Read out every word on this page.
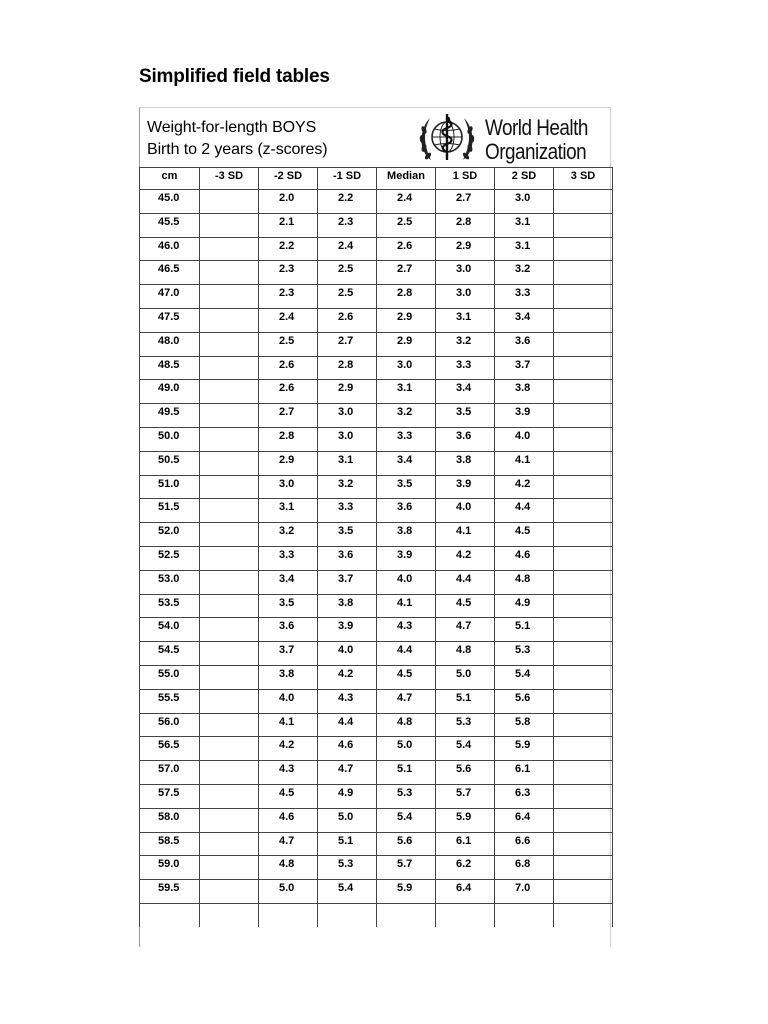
Simplified field tables
Weight-for-length BOYS
Birth to 2 years (z-scores)
World Health
Organization
cm	-3 SD	-2 SD	-1 SD	Median	1 SD	2 SD	3 SD
45.0		2.0	2.2	2.4	2.7	3.0	
45.5		2.1	2.3	2.5	2.8	3.1	
46.0		2.2	2.4	2.6	2.9	3.1	
46.5		2.3	2.5	2.7	3.0	3.2	
47.0		2.3	2.5	2.8	3.0	3.3	
47.5		2.4	2.6	2.9	3.1	3.4	
48.0		2.5	2.7	2.9	3.2	3.6	
48.5		2.6	2.8	3.0	3.3	3.7	
49.0		2.6	2.9	3.1	3.4	3.8	
49.5		2.7	3.0	3.2	3.5	3.9	
50.0		2.8	3.0	3.3	3.6	4.0	
50.5		2.9	3.1	3.4	3.8	4.1	
51.0		3.0	3.2	3.5	3.9	4.2	
51.5		3.1	3.3	3.6	4.0	4.4	
52.0		3.2	3.5	3.8	4.1	4.5	
52.5		3.3	3.6	3.9	4.2	4.6	
53.0		3.4	3.7	4.0	4.4	4.8	
53.5		3.5	3.8	4.1	4.5	4.9	
54.0		3.6	3.9	4.3	4.7	5.1	
54.5		3.7	4.0	4.4	4.8	5.3	
55.0		3.8	4.2	4.5	5.0	5.4	
55.5		4.0	4.3	4.7	5.1	5.6	
56.0		4.1	4.4	4.8	5.3	5.8	
56.5		4.2	4.6	5.0	5.4	5.9	
57.0		4.3	4.7	5.1	5.6	6.1	
57.5		4.5	4.9	5.3	5.7	6.3	
58.0		4.6	5.0	5.4	5.9	6.4	
58.5		4.7	5.1	5.6	6.1	6.6	
59.0		4.8	5.3	5.7	6.2	6.8	
59.5		5.0	5.4	5.9	6.4	7.0	
